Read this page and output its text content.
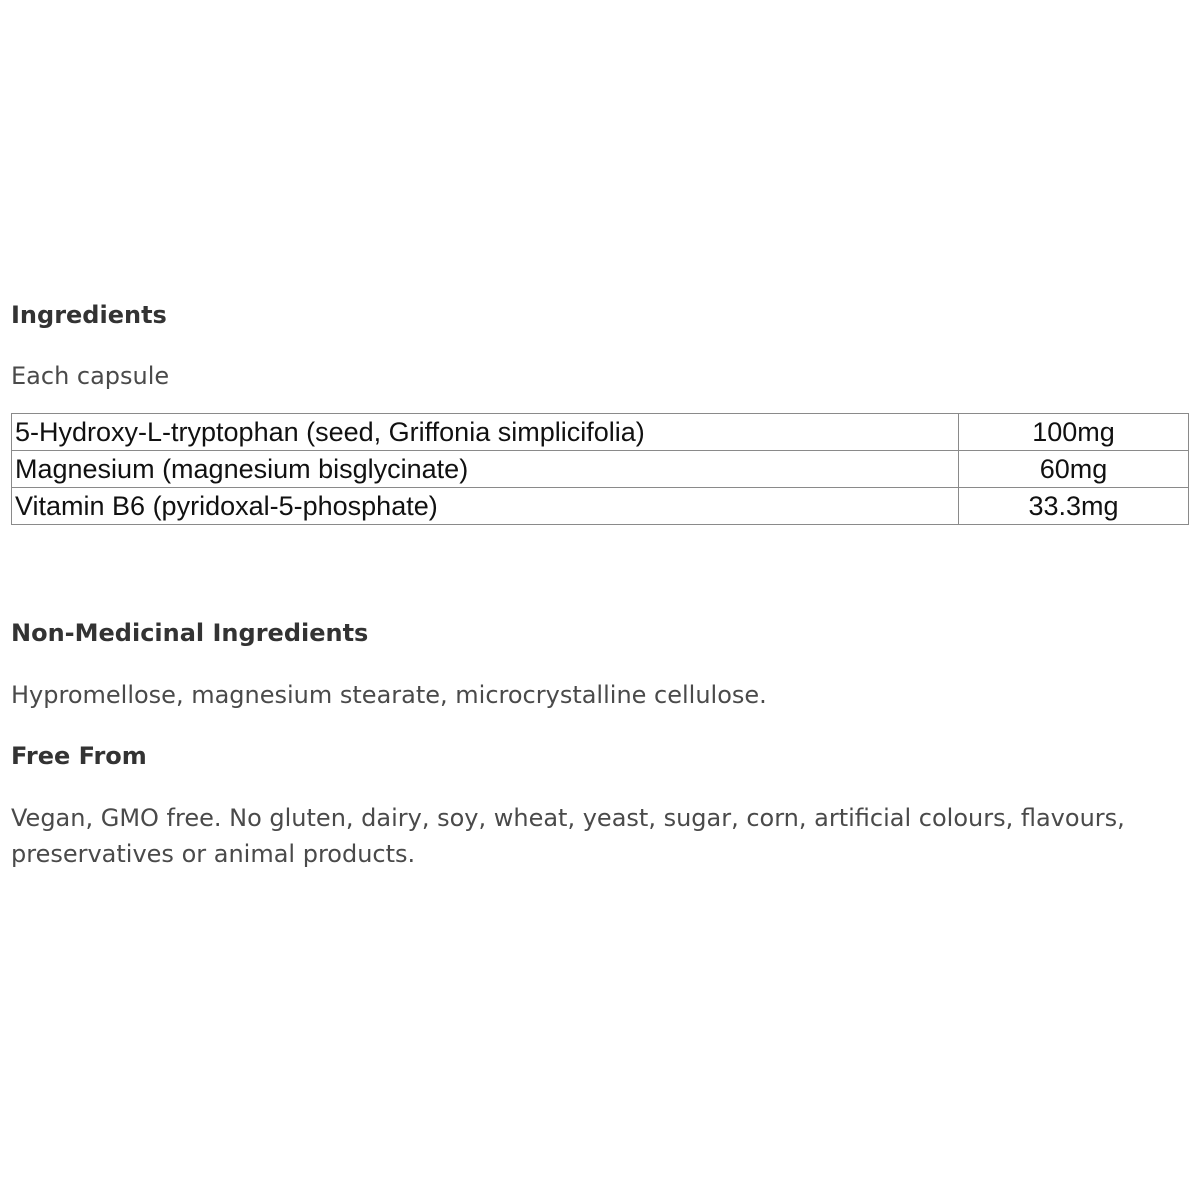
Ingredients
Each capsule
5-Hydroxy-L-tryptophan (seed, Griffonia simplicifolia)	100mg
Magnesium (magnesium bisglycinate)	60mg
Vitamin B6 (pyridoxal-5-phosphate)	33.3mg
Non-Medicinal Ingredients
Hypromellose, magnesium stearate, microcrystalline cellulose.
Free From
Vegan, GMO free. No gluten, dairy, soy, wheat, yeast, sugar, corn, artificial colours, flavours, preservatives or animal products.
